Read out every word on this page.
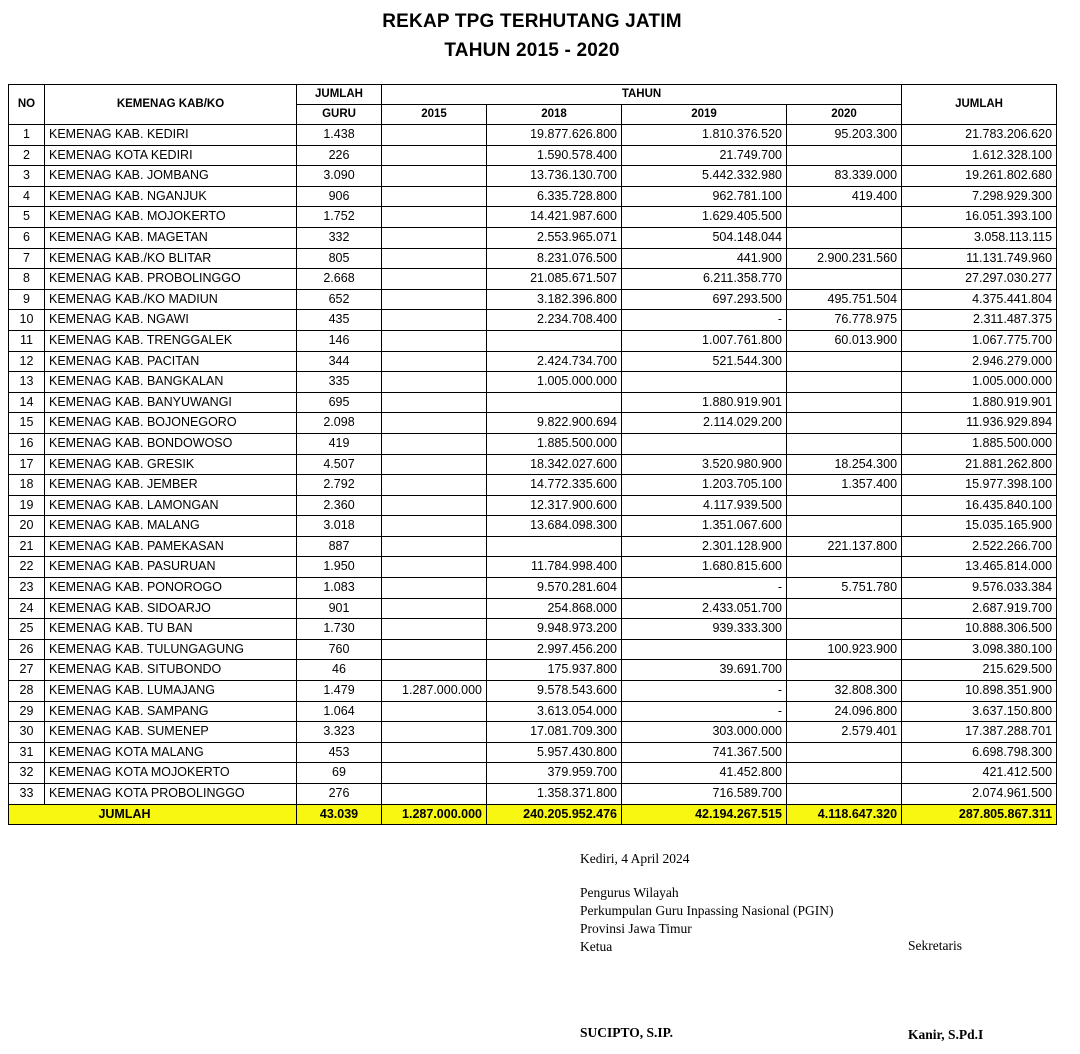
REKAP TPG TERHUTANG JATIM
TAHUN 2015 - 2020
NO	KEMENAG KAB/KO	JUMLAH	TAHUN				JUMLAH
		GURU	2015	2018	2019	2020	
1	KEMENAG KAB. KEDIRI	1.438		19.877.626.800	1.810.376.520	95.203.300	21.783.206.620
2	KEMENAG KOTA KEDIRI	226		1.590.578.400	21.749.700		1.612.328.100
3	KEMENAG KAB. JOMBANG	3.090		13.736.130.700	5.442.332.980	83.339.000	19.261.802.680
4	KEMENAG KAB. NGANJUK	906		6.335.728.800	962.781.100	419.400	7.298.929.300
5	KEMENAG KAB. MOJOKERTO	1.752		14.421.987.600	1.629.405.500		16.051.393.100
6	KEMENAG KAB. MAGETAN	332		2.553.965.071	504.148.044		3.058.113.115
7	KEMENAG KAB./KO BLITAR	805		8.231.076.500	441.900	2.900.231.560	11.131.749.960
8	KEMENAG KAB. PROBOLINGGO	2.668		21.085.671.507	6.211.358.770		27.297.030.277
9	KEMENAG KAB./KO MADIUN	652		3.182.396.800	697.293.500	495.751.504	4.375.441.804
10	KEMENAG KAB. NGAWI	435		2.234.708.400	-	76.778.975	2.311.487.375
11	KEMENAG KAB. TRENGGALEK	146			1.007.761.800	60.013.900	1.067.775.700
12	KEMENAG KAB. PACITAN	344		2.424.734.700	521.544.300		2.946.279.000
13	KEMENAG KAB. BANGKALAN	335		1.005.000.000			1.005.000.000
14	KEMENAG KAB. BANYUWANGI	695			1.880.919.901		1.880.919.901
15	KEMENAG KAB. BOJONEGORO	2.098		9.822.900.694	2.114.029.200		11.936.929.894
16	KEMENAG KAB. BONDOWOSO	419		1.885.500.000			1.885.500.000
17	KEMENAG KAB. GRESIK	4.507		18.342.027.600	3.520.980.900	18.254.300	21.881.262.800
18	KEMENAG KAB. JEMBER	2.792		14.772.335.600	1.203.705.100	1.357.400	15.977.398.100
19	KEMENAG KAB. LAMONGAN	2.360		12.317.900.600	4.117.939.500		16.435.840.100
20	KEMENAG KAB. MALANG	3.018		13.684.098.300	1.351.067.600		15.035.165.900
21	KEMENAG KAB. PAMEKASAN	887			2.301.128.900	221.137.800	2.522.266.700
22	KEMENAG KAB. PASURUAN	1.950		11.784.998.400	1.680.815.600		13.465.814.000
23	KEMENAG KAB. PONOROGO	1.083		9.570.281.604	-	5.751.780	9.576.033.384
24	KEMENAG KAB. SIDOARJO	901		254.868.000	2.433.051.700		2.687.919.700
25	KEMENAG KAB. TU BAN	1.730		9.948.973.200	939.333.300		10.888.306.500
26	KEMENAG KAB. TULUNGAGUNG	760		2.997.456.200		100.923.900	3.098.380.100
27	KEMENAG KAB. SITUBONDO	46		175.937.800	39.691.700		215.629.500
28	KEMENAG KAB. LUMAJANG	1.479	1.287.000.000	9.578.543.600	-	32.808.300	10.898.351.900
29	KEMENAG KAB. SAMPANG	1.064		3.613.054.000	-	24.096.800	3.637.150.800
30	KEMENAG KAB. SUMENEP	3.323		17.081.709.300	303.000.000	2.579.401	17.387.288.701
31	KEMENAG KOTA MALANG	453		5.957.430.800	741.367.500		6.698.798.300
32	KEMENAG KOTA MOJOKERTO	69		379.959.700	41.452.800		421.412.500
33	KEMENAG KOTA PROBOLINGGO	276		1.358.371.800	716.589.700		2.074.961.500
JUMLAH		43.039	1.287.000.000	240.205.952.476	42.194.267.515	4.118.647.320	287.805.867.311
Kediri, 4 April 2024
Pengurus Wilayah
Perkumpulan Guru Inpassing Nasional (PGIN)
Provinsi Jawa Timur
Ketua	Sekretaris
SUCIPTO, S.IP.	Kanir, S.Pd.I
